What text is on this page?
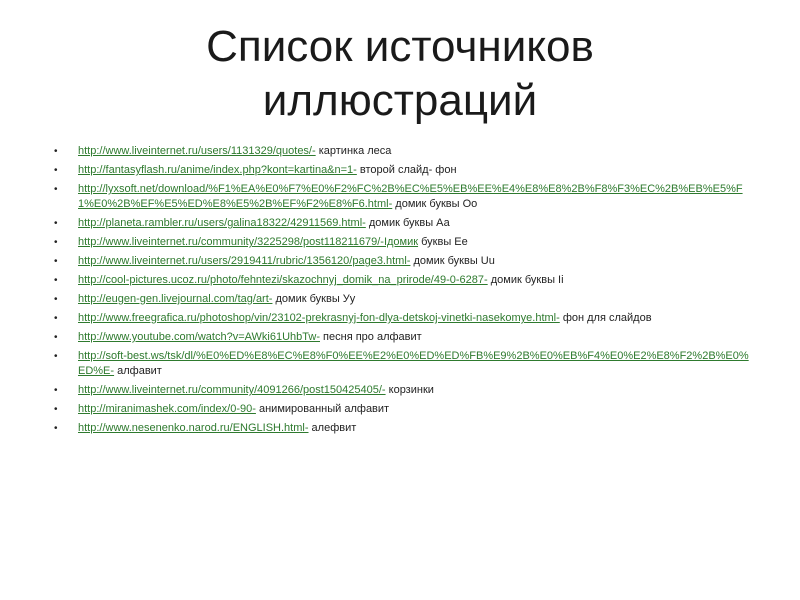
Список источников
иллюстраций
•	http://www.liveinternet.ru/users/1131329/quotes/- картинка леса
•	http://fantasyflash.ru/anime/index.php?kont=kartina&n=1- второй слайд- фон
•	http://lyxsoft.net/download/%F1%EA%E0%F7%E0%F2%FC%2B%EC%E5%EB%EE%E4%E8%E8%2B%F8%F3%EC%2B%EB%E5%F1%E0%2B%EF%E5%ED%E8%E5%2B%EF%F2%E8%F6.html- домик буквы Оо
•	http://planeta.rambler.ru/users/galina18322/42911569.html- домик буквы Аа
•	http://www.liveinternet.ru/community/3225298/post118211679/-Iдомик буквы Ее
•	http://www.liveinternet.ru/users/2919411/rubric/1356120/page3.html- домик буквы Uu
•	http://cool-pictures.ucoz.ru/photo/fehntezi/skazochnyj_domik_na_prirode/49-0-6287- домик буквы Ii
•	http://eugen-gen.livejournal.com/tag/art- домик буквы Уу
•	http://www.freegrafica.ru/photoshop/vin/23102-prekrasnyj-fon-dlya-detskoj-vinetki-nasekomye.html- фон для слайдов
•	http://www.youtube.com/watch?v=AWki61UhbTw- песня про алфавит
•	http://soft-best.ws/tsk/dl/%E0%ED%E8%EC%E8%F0%EE%E2%E0%ED%ED%FB%E9%2B%E0%EB%F4%E0%E2%E8%F2%2B%E0%ED%E- алфавит
•	http://www.liveinternet.ru/community/4091266/post150425405/- корзинки
•	http://miranimashek.com/index/0-90- анимированный алфавит
•	http://www.nesenenko.narod.ru/ENGLISH.html- алефвит
